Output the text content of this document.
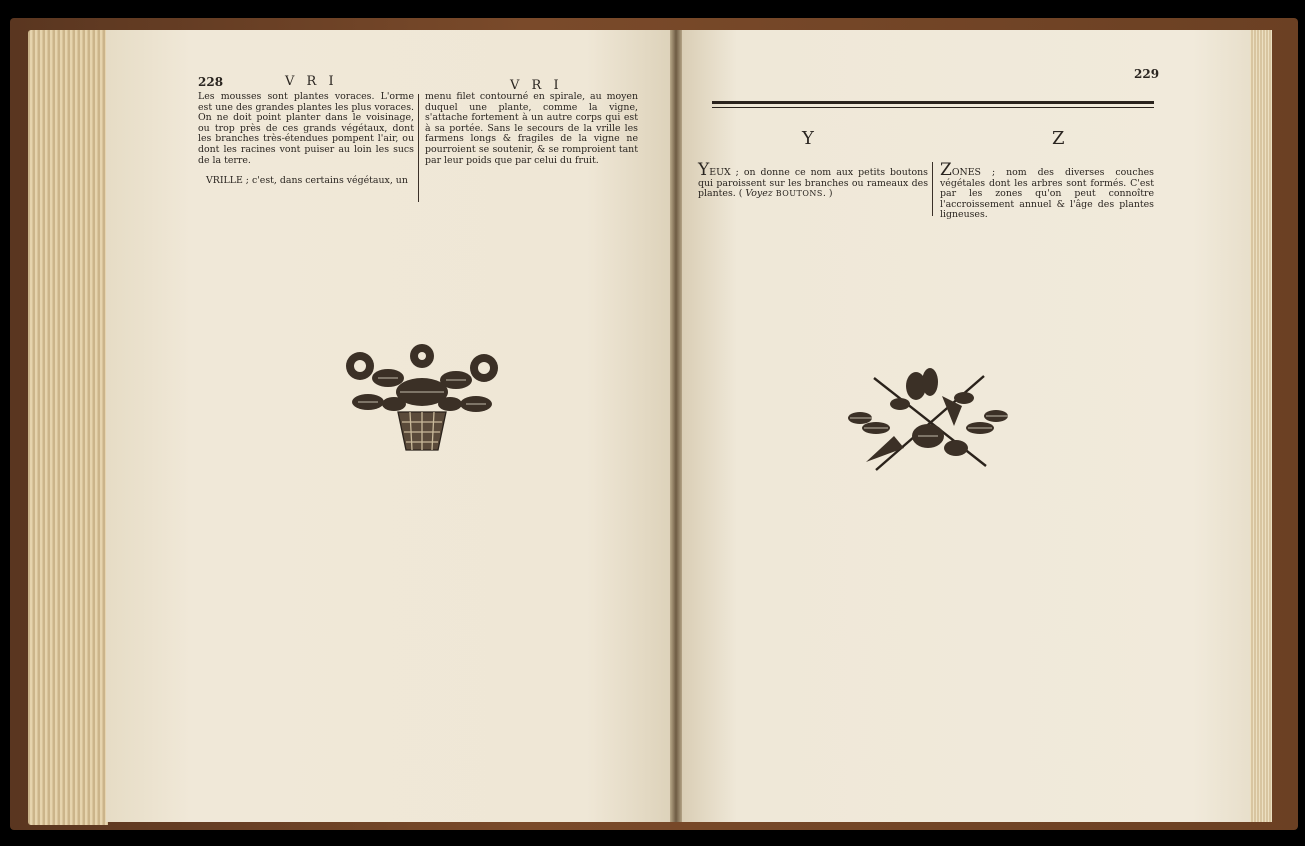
228	V R I	V R I

Les mousses sont plantes voraces. L'orme est une des grandes plantes les plus voraces. On ne doit point planter dans le voisinage, ou trop près de ces grands végétaux, dont les branches très-étendues pompent l'air, ou dont les racines vont puiser au loin les sucs de la terre.

VRILLE ; c'est, dans certains végétaux, un

menu filet contourné en spirale, au moyen duquel une plante, comme la vigne, s'attache fortement à un autre corps qui est à sa portée. Sans le secours de la vrille les farmens longs & fragiles de la vigne ne pourroient se soutenir, & se romproient tant par leur poids que par celui du fruit.

229
Y	Z

YEUX ; on donne ce nom aux petits boutons qui paroissent sur les branches ou rameaux des plantes. ( Voyez BOUTONS. )

ZONES ; nom des diverses couches végétales dont les arbres sont formés. C'est par les zones qu'on peut connoître l'accroissement annuel & l'âge des plantes ligneuses.
